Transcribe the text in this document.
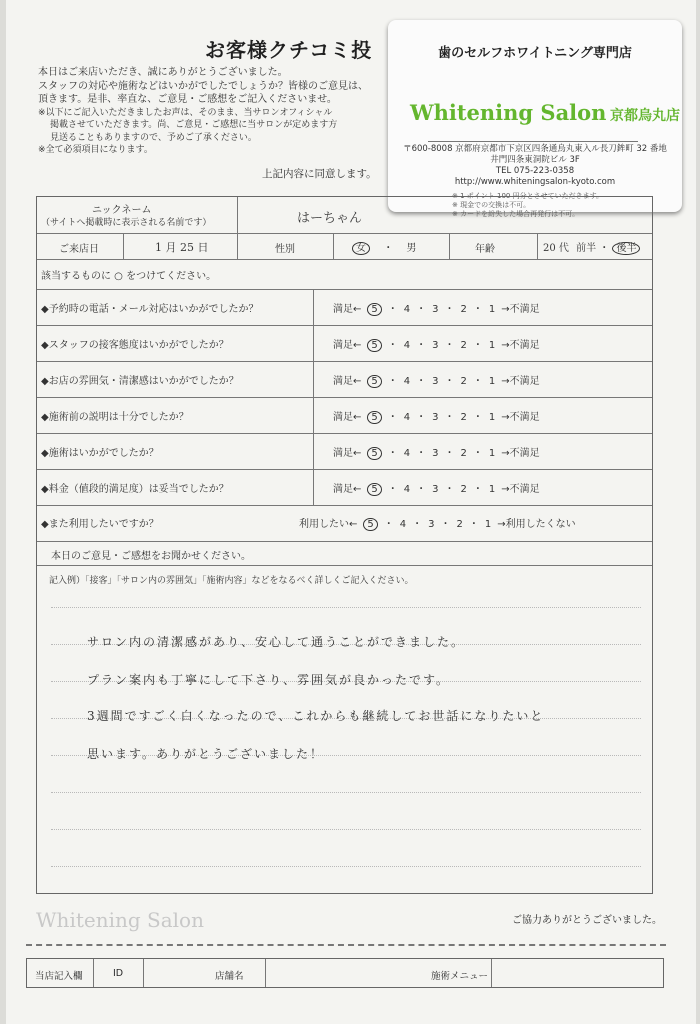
お客様クチコミ投
本日はご来店いただき、誠にありがとうございました。
スタッフの対応や施術などはいかがでしたでしょうか？皆様のご意見は、
頂きます。是非、率直な、ご意見・ご感想をご記入くださいませ。
※以下にご記入いただきましたお声は、そのまま、当サロンオフィシャル
掲載させていただきます。尚、ご意見・ご感想に当サロンが定めます方
見送ることもありますので、予めご了承ください。
※全て必須項目になります。
上記内容に同意します。
歯のセルフホワイトニング専門店
Whitening Salon 京都烏丸店
〒600-8008 京都府京都市下京区四条通烏丸東入ル長刀鉾町 32 番地
井門四条東洞院ビル 3F
TEL 075-223-0358
http://www.whiteningsalon-kyoto.com
※ 1 ポイント 100 円分とさせていただきます。
※ 現金での交換は不可。
※ カードを紛失した場合再発行は不可。
ニックネーム
（サイトへ掲載時に表示される名前です）	はーちゃん
ご来店日	1 月 25 日	性別	女 ・ 男	年齢	20 代 前半 ・ 後半
該当するものに ○ をつけてください。
◆予約時の電話・メール対応はいかがでしたか？	満足← 5 ・ 4 ・ 3 ・ 2 ・ 1 →不満足
◆スタッフの接客態度はいかがでしたか？	満足← 5 ・ 4 ・ 3 ・ 2 ・ 1 →不満足
◆お店の雰囲気・清潔感はいかがでしたか？	満足← 5 ・ 4 ・ 3 ・ 2 ・ 1 →不満足
◆施術前の説明は十分でしたか？	満足← 5 ・ 4 ・ 3 ・ 2 ・ 1 →不満足
◆施術はいかがでしたか？	満足← 5 ・ 4 ・ 3 ・ 2 ・ 1 →不満足
◆料金（値段的満足度）は妥当でしたか？	満足← 5 ・ 4 ・ 3 ・ 2 ・ 1 →不満足
◆また利用したいですか？	利用したい← 5 ・ 4 ・ 3 ・ 2 ・ 1 →利用したくない
本日のご意見・ご感想をお聞かせください。
記入例）「接客」「サロン内の雰囲気」「施術内容」などをなるべく詳しくご記入ください。
サロン内の清潔感があり、安心して通うことができました。
プラン案内も丁寧にして下さり、雰囲気が良かったです。
3週間ですごく白くなったので、これからも継続してお世話になりたいと
思います。ありがとうございました！
Whitening Salon	ご協力ありがとうございました。
当店記入欄	ID	店舗名	施術メニュー
